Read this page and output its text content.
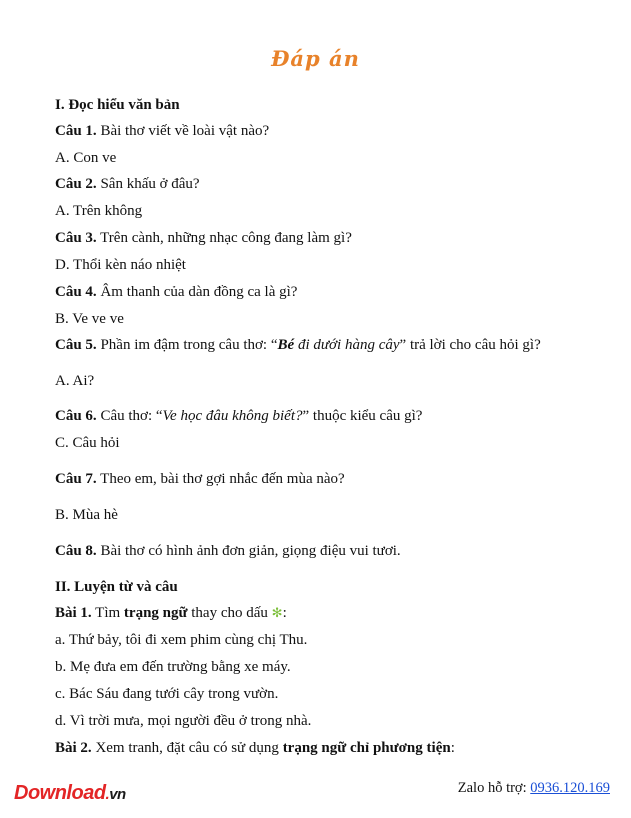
Đáp án
I. Đọc hiểu văn bản
Câu 1. Bài thơ viết về loài vật nào?
A. Con ve
Câu 2. Sân khấu ở đâu?
A. Trên không
Câu 3. Trên cành, những nhạc công đang làm gì?
D. Thổi kèn náo nhiệt
Câu 4. Âm thanh của dàn đồng ca là gì?
B. Ve ve ve
Câu 5. Phần im đậm trong câu thơ: “Bé đi dưới hàng cây” trả lời cho câu hỏi gì?
A. Ai?
Câu 6. Câu thơ: “Ve học đâu không biết?” thuộc kiểu câu gì?
C. Câu hỏi
Câu 7. Theo em, bài thơ gợi nhắc đến mùa nào?
B. Mùa hè
Câu 8. Bài thơ có hình ảnh đơn giản, giọng điệu vui tươi.
II. Luyện từ và câu
Bài 1. Tìm trạng ngữ thay cho dấu ✻:
a. Thứ bảy, tôi đi xem phim cùng chị Thu.
b. Mẹ đưa em đến trường bằng xe máy.
c. Bác Sáu đang tưới cây trong vườn.
d. Vì trời mưa, mọi người đều ở trong nhà.
Bài 2. Xem tranh, đặt câu có sử dụng trạng ngữ chỉ phương tiện:
Download.vn	Zalo hỗ trợ: 0936.120.169
